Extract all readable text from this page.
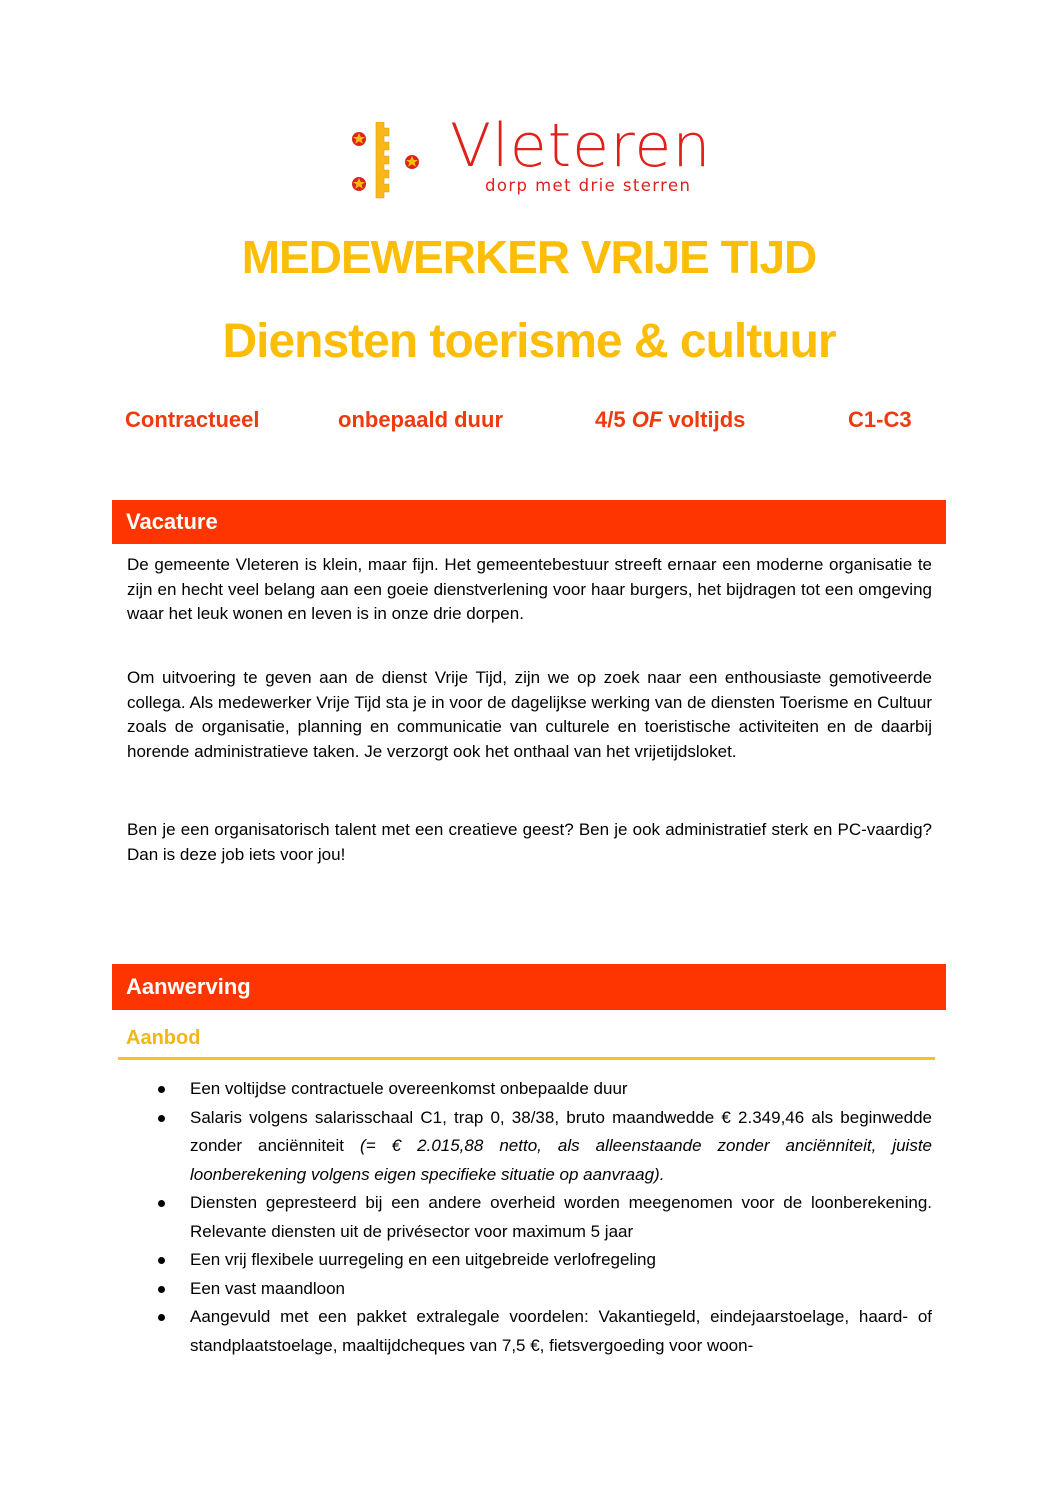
Vleteren
dorp met drie sterren
MEDEWERKER VRIJE TIJD
Diensten toerisme & cultuur
Contractueel	onbepaald duur	4/5 OF voltijds	C1-C3
Vacature

De gemeente Vleteren is klein, maar fijn. Het gemeentebestuur streeft ernaar een moderne organisatie te zijn en hecht veel belang aan een goeie dienstverlening voor haar burgers, het bijdragen tot een omgeving waar het leuk wonen en leven is in onze drie dorpen.

Om uitvoering te geven aan de dienst Vrije Tijd, zijn we op zoek naar een enthousiaste gemotiveerde collega. Als medewerker Vrije Tijd sta je in voor de dagelijkse werking van de diensten Toerisme en Cultuur zoals de organisatie, planning en communicatie van culturele en toeristische activiteiten en de daarbij horende administratieve taken. Je verzorgt ook het onthaal van het vrijetijdsloket.

Ben je een organisatorisch talent met een creatieve geest? Ben je ook administratief sterk en PC-vaardig? Dan is deze job iets voor jou!

Aanwerving
Aanbod
Een voltijdse contractuele overeenkomst onbepaalde duur
Salaris volgens salarisschaal C1, trap 0, 38/38, bruto maandwedde € 2.349,46 als beginwedde zonder anciënniteit (= € 2.015,88 netto, als alleenstaande zonder anciënniteit, juiste loonberekening volgens eigen specifieke situatie op aanvraag).
Diensten gepresteerd bij een andere overheid worden meegenomen voor de loonberekening. Relevante diensten uit de privésector voor maximum 5 jaar
Een vrij flexibele uurregeling en een uitgebreide verlofregeling
Een vast maandloon
Aangevuld met een pakket extralegale voordelen: Vakantiegeld, eindejaarstoelage, haard- of standplaatstoelage, maaltijdcheques van 7,5 €, fietsvergoeding voor woon-
